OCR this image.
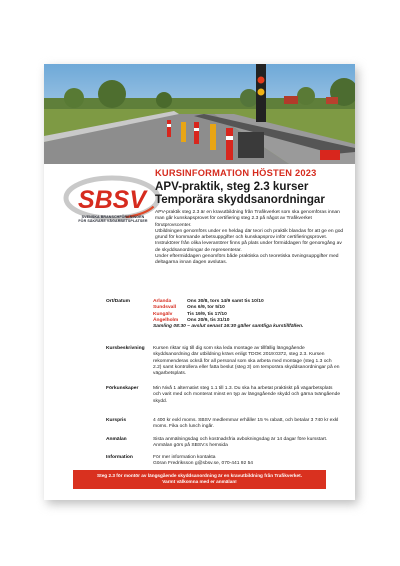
SBSV
SVENSKA BRANSCHFÖRENINGEN
FÖR SÄKRARE VÄGARBETSPLATSER
KURSINFORMATION HÖSTEN 2023
APV-praktik, steg 2.3 kurser
Temporära skyddsanordningar

APV-praktik steg 2.3 är en kravutbildning från Trafikverket som ska genomföras innan man går kunskapsprovet för certifiering steg 2.3 på något av Trafikverket förutprovscenter.

Utbildningen genomförs under en heldag där teori och praktik blandas för att ge en god grund för kommande arbetsuppgifter och kunskapsprov inför certifieringsprovet.

Instruktörer från olika leverantörer finns på plats under förmiddagen för genomgång av de skyddsanordningar de representerar.

Under eftermiddagen genomförs både praktiska och teoretiska övningsuppgifter med deltagarna innan dagen avslutas.

Ort/Datum	Arlanda	Ons 30/8, tors 14/9 samt tis 10/10
Sundsvall Ons 6/9, tor 5/10
Kungälv	Tis 19/9, tis 17/10
Ängelholm Ons 20/9, tis 31/10
Samling 08:30 – avslut senast 16:30 gäller samtliga kurstillfällen.
Kursbeskrivning	Kursen riktar sig till dig som ska leda montage av tillfällig längsgående skyddsanordning där utbildning krävs enligt TDOK 2019:0372, steg 2.3. Kursen rekommenderas också för all personal som ska arbeta med montage (steg 1.3 och 2.2) samt kontrollera eller fatta beslut (steg 3) om temporära skyddsanordningar på en vägarbetsplats.
Förkunskaper	Min Nivå 1 alternativt steg 1.1 till 1.3. Du ska ha arbetat praktiskt på vägarbetsplats och varit med och monterat minst en typ av längsgående skydd och gärna tvängående skydd.
Kurspris	4 400 kr exkl moms. SBSV medlemmar erhåller 15 % rabatt, och betalar 3 740 kr exkl moms. Fika och lunch ingår.
Anmälan	Sista anmälningsdag och kostnadsfria avbokningsdag är 14 dagar före kursstart. Anmälan görs på SBSV:s hemsida
Information	För mer information kontakta
Göran Fredriksson g@sbsv.se, 070-441 92 54
Steg 2.3 för montör av längsgående skyddsanordning är en kravutbildning från Trafikverket.
Varmt välkomna med er anmälan!
